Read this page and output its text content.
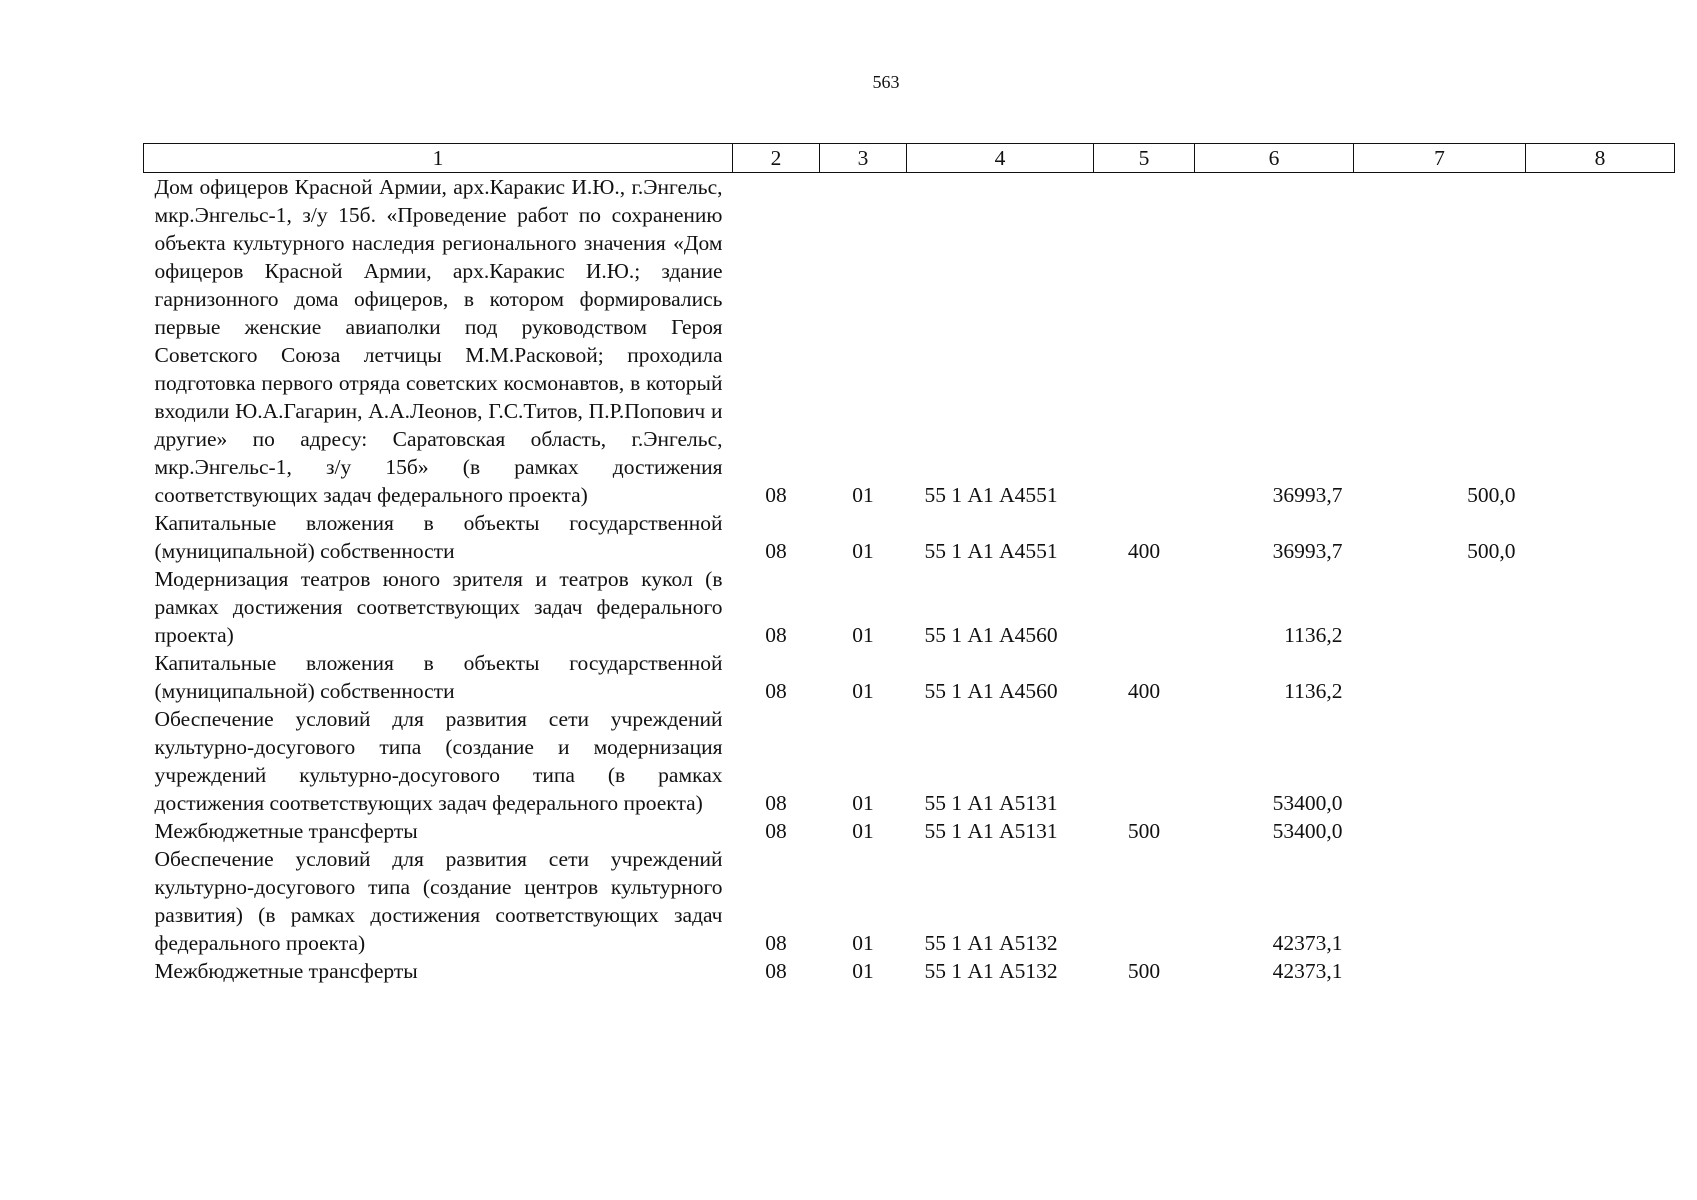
563
1	2	3	4	5	6	7	8
Дом офицеров Красной Армии, арх.Каракис И.Ю., г.Энгельс, мкр.Энгельс-1, з/у 15б. «Проведение работ по сохранению объекта культурного наследия регионального значения «Дом офицеров Красной Армии, арх.Каракис И.Ю.; здание гарнизонного дома офицеров, в котором формировались первые женские авиаполки под руководством Героя Советского Союза летчицы М.М.Расковой; проходила подготовка первого отряда советских космонавтов, в который входили Ю.А.Гагарин, А.А.Леонов, Г.С.Титов, П.Р.Попович и другие» по адресу: Саратовская область, г.Энгельс, мкр.Энгельс-1, з/у 15б» (в рамках достижения соответствующих задач федерального проекта)	08	01	55 1 А1 А4551		36993,7	500,0	
Капитальные вложения в объекты государственной (муниципальной) собственности	08	01	55 1 А1 А4551	400	36993,7	500,0	
Модернизация театров юного зрителя и театров кукол (в рамках достижения соответствующих задач федерального проекта)	08	01	55 1 А1 А4560		1136,2		
Капитальные вложения в объекты государственной (муниципальной) собственности	08	01	55 1 А1 А4560	400	1136,2		
Обеспечение условий для развития сети учреждений культурно-досугового типа (создание и модернизация учреждений культурно-досугового типа (в рамках достижения соответствующих задач федерального проекта)	08	01	55 1 А1 А5131		53400,0		
Межбюджетные трансферты	08	01	55 1 А1 А5131	500	53400,0		
Обеспечение условий для развития сети учреждений культурно-досугового типа (создание центров культурного развития) (в рамках достижения соответствующих задач федерального проекта)	08	01	55 1 А1 А5132		42373,1		
Межбюджетные трансферты	08	01	55 1 А1 А5132	500	42373,1		
